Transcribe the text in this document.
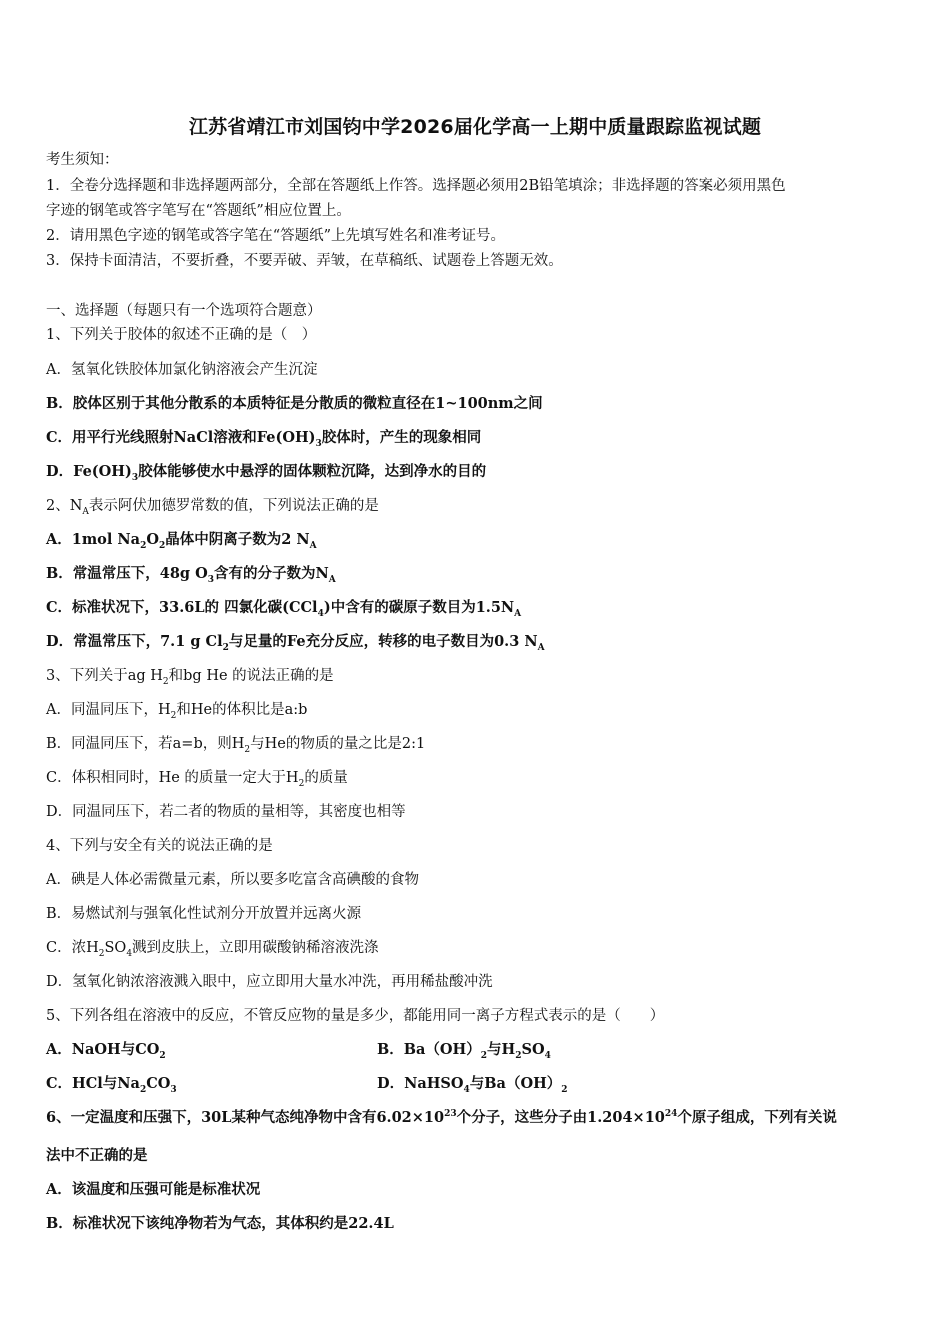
江苏省靖江市刘国钧中学2026届化学高一上期中质量跟踪监视试题
考生须知：
1．全卷分选择题和非选择题两部分，全部在答题纸上作答。选择题必须用2B铅笔填涂；非选择题的答案必须用黑色
字迹的钢笔或答字笔写在“答题纸”相应位置上。
2．请用黑色字迹的钢笔或答字笔在“答题纸”上先填写姓名和准考证号。
3．保持卡面清洁，不要折叠，不要弄破、弄皱，在草稿纸、试题卷上答题无效。
一、选择题（每题只有一个选项符合题意）
1、下列关于胶体的叙述不正确的是（　）
A．氢氧化铁胶体加氯化钠溶液会产生沉淀
B．胶体区别于其他分散系的本质特征是分散质的微粒直径在1~100nm之间
C．用平行光线照射NaCl溶液和$Fe(OH)_3$胶体时，产生的现象相同
D．$Fe(OH)_3$胶体能够使水中悬浮的固体颗粒沉降，达到净水的目的
2、$N_A$表示阿伏加德罗常数的值，下列说法正确的是
A．1mol $Na_2O_2$晶体中阴离子数为2 $N_A$
B．常温常压下，48g $O_3$含有的分子数为$N_A$
C．标准状况下，33.6L的 四氯化碳(CCl$_4$)中含有的碳原子数目为$1.5N_A$
D．常温常压下，7.1 g $Cl_2$与足量的Fe充分反应，转移的电子数目为0.3 $N_A$
3、下列关于ag $H_2$和bg He 的说法正确的是
A．同温同压下，$H_2$和He的体积比是a:b
B．同温同压下，若a=b，则$H_2$与He的物质的量之比是2:1
C．体积相同时，He 的质量一定大于$H_2$的质量
D．同温同压下，若二者的物质的量相等，其密度也相等
4、下列与安全有关的说法正确的是
A．碘是人体必需微量元素，所以要多吃富含高碘酸的食物
B．易燃试剂与强氧化性试剂分开放置并远离火源
C．浓$H_2SO_4$溅到皮肤上，立即用碳酸钠稀溶液洗涤
D．氢氧化钠浓溶液溅入眼中，应立即用大量水冲洗，再用稀盐酸冲洗
5、下列各组在溶液中的反应，不管反应物的量是多少，都能用同一离子方程式表示的是（　　）
A．NaOH与$CO_2$	B．$Ba(OH)_2$与$H_2SO_4$
C．HCl与$Na_2CO_3$	D．NaHSO$_4$与$Ba(OH)_2$
6、一定温度和压强下，30L某种气态纯净物中含有$6.02\times 10^{23}$个分子，这些分子由$1.204\times 10^{24}$个原子组成，下列有关说
法中不正确的是
A．该温度和压强可能是标准状况
B．标准状况下该纯净物若为气态，其体积约是22.4L
